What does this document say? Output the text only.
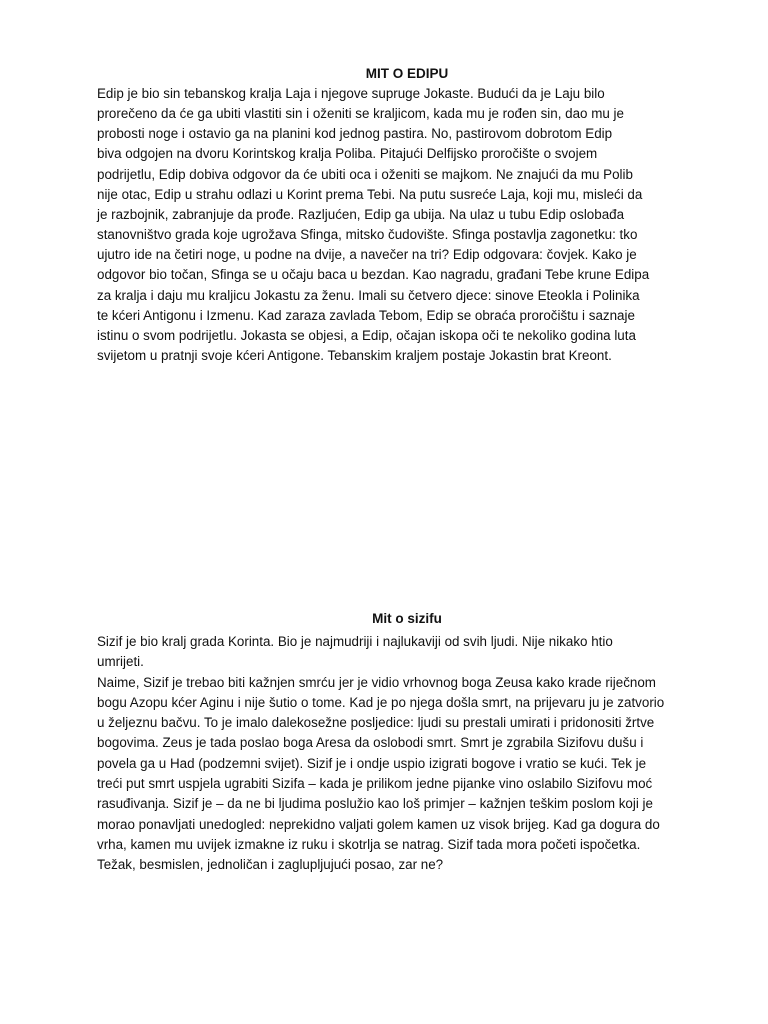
MIT O EDIPU

Edip je bio sin tebanskog kralja Laja i njegove supruge Jokaste. Budući da je Laju bilo
prorečeno da će ga ubiti vlastiti sin i oženiti se kraljicom, kada mu je rođen sin, dao mu je
probosti noge i ostavio ga na planini kod jednog pastira. No, pastirovom dobrotom Edip
biva odgojen na dvoru Korintskog kralja Poliba. Pitajući Delfijsko proročište o svojem
podrijetlu, Edip dobiva odgovor da će ubiti oca i oženiti se majkom. Ne znajući da mu Polib
nije otac, Edip u strahu odlazi u Korint prema Tebi. Na putu susreće Laja, koji mu, misleći da
je razbojnik, zabranjuje da prođe. Razljućen, Edip ga ubija. Na ulaz u tubu Edip oslobađa
stanovništvo grada koje ugrožava Sfinga, mitsko čudovište. Sfinga postavlja zagonetku: tko
ujutro ide na četiri noge, u podne na dvije, a navečer na tri? Edip odgovara: čovjek. Kako je
odgovor bio točan, Sfinga se u očaju baca u bezdan. Kao nagradu, građani Tebe krune Edipa
za kralja i daju mu kraljicu Jokastu za ženu. Imali su četvero djece: sinove Eteokla i Polinika
te kćeri Antigonu i Izmenu. Kad zaraza zavlada Tebom, Edip se obraća proročištu i saznaje
istinu o svom podrijetlu. Jokasta se objesi, a Edip, očajan iskopa oči te nekoliko godina luta
svijetom u pratnji svoje kćeri Antigone. Tebanskim kraljem postaje Jokastin brat Kreont.

Mit o sizifu

Sizif je bio kralj grada Korinta. Bio je najmudriji i najlukaviji od svih ljudi. Nije nikako htio
umrijeti.
Naime, Sizif je trebao biti kažnjen smrću jer je vidio vrhovnog boga Zeusa kako krade riječnom
bogu Azopu kćer Aginu i nije šutio o tome. Kad je po njega došla smrt, na prijevaru ju je zatvorio
u željeznu bačvu. To je imalo dalekosežne posljedice: ljudi su prestali umirati i pridonositi žrtve
bogovima. Zeus je tada poslao boga Aresa da oslobodi smrt. Smrt je zgrabila Sizifovu dušu i
povela ga u Had (podzemni svijet). Sizif je i ondje uspio izigrati bogove i vratio se kući. Tek je
treći put smrt uspjela ugrabiti Sizifa – kada je prilikom jedne pijanke vino oslabilo Sizifovu moć
rasuđivanja. Sizif je – da ne bi ljudima poslužio kao loš primjer – kažnjen teškim poslom koji je
morao ponavljati unedogled: neprekidno valjati golem kamen uz visok brijeg. Kad ga dogura do
vrha, kamen mu uvijek izmakne iz ruku i skotrlja se natrag. Sizif tada mora početi ispočetka.
Težak, besmislen, jednoličan i zaglupljujući posao, zar ne?
